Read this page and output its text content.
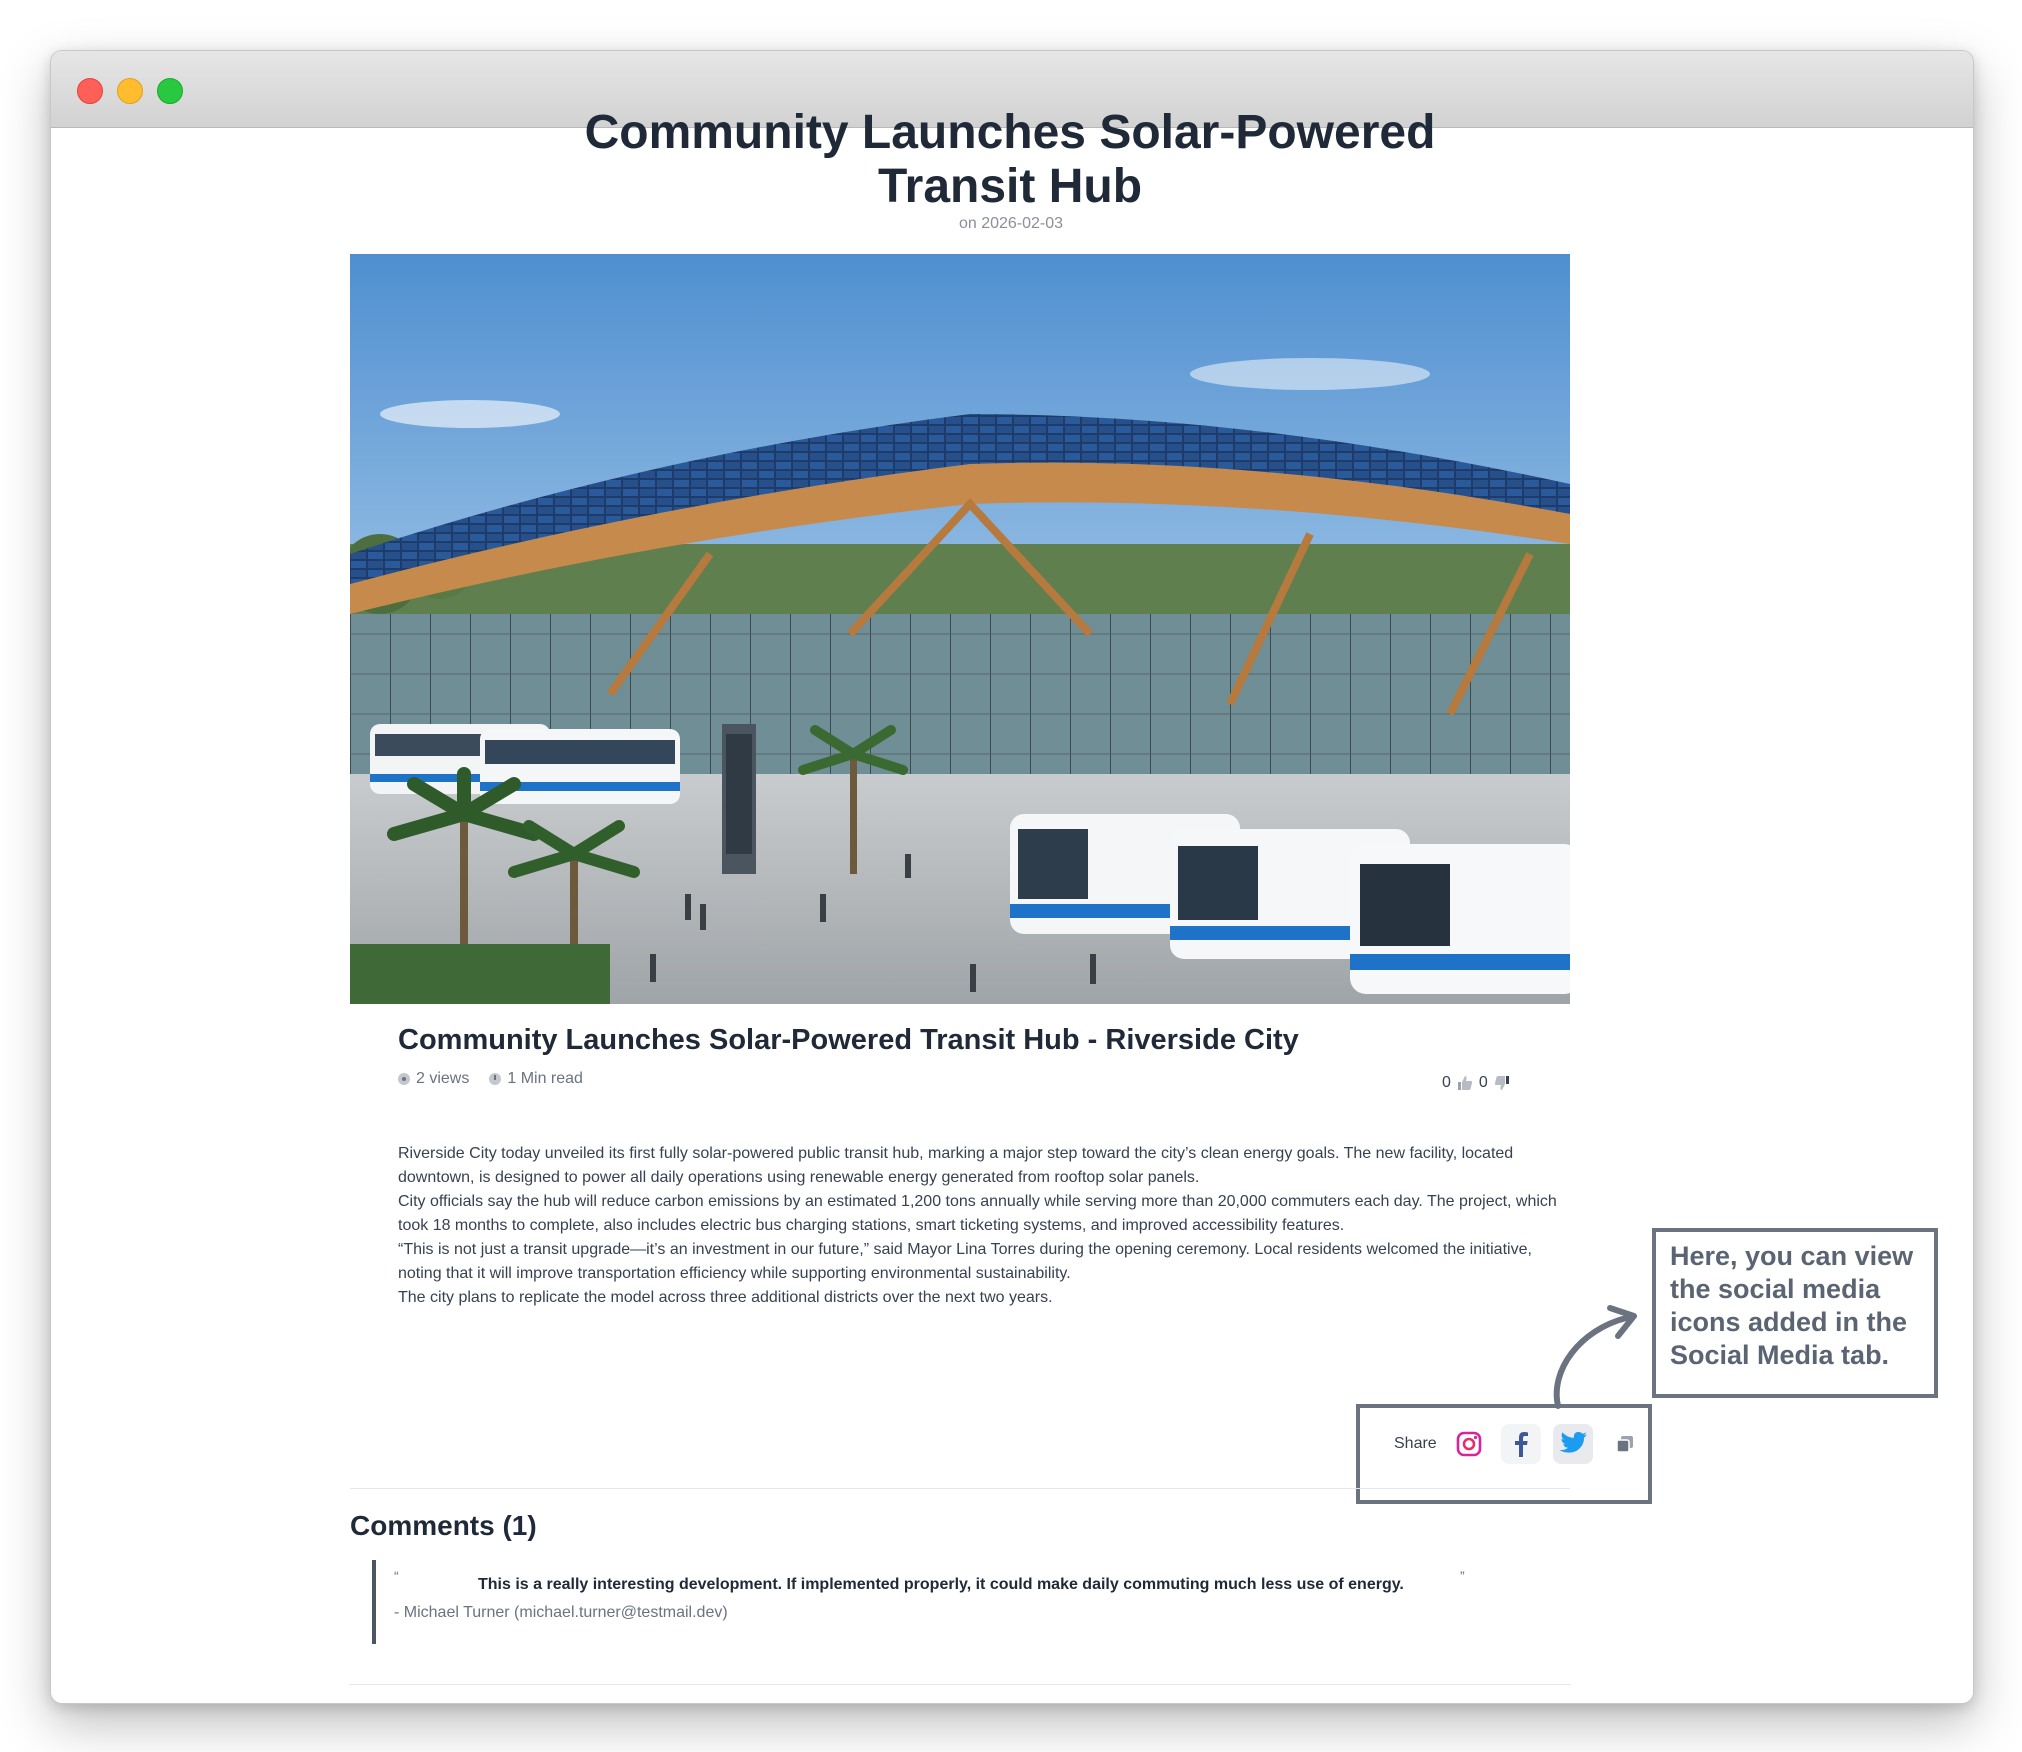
Community Launches Solar-Powered Transit Hub
on 2026-02-03
Community Launches Solar-Powered Transit Hub - Riverside City
2 views 1 Min read	0 0

Riverside City today unveiled its first fully solar-powered public transit hub, marking a major step toward the city’s clean energy goals. The new facility, located downtown, is designed to power all daily operations using renewable energy generated from rooftop solar panels.

City officials say the hub will reduce carbon emissions by an estimated 1,200 tons annually while serving more than 20,000 commuters each day. The project, which took 18 months to complete, also includes electric bus charging stations, smart ticketing systems, and improved accessibility features.

“This is not just a transit upgrade—it’s an investment in our future,” said Mayor Lina Torres during the opening ceremony. Local residents welcomed the initiative, noting that it will improve transportation efficiency while supporting environmental sustainability.

The city plans to replicate the model across three additional districts over the next two years.

Here, you can view the social media icons added in the Social Media tab.
Share
Comments (1)
“	This is a really interesting development. If implemented properly, it could make daily commuting much less use of energy.	”
- Michael Turner (michael.turner@testmail.dev)
